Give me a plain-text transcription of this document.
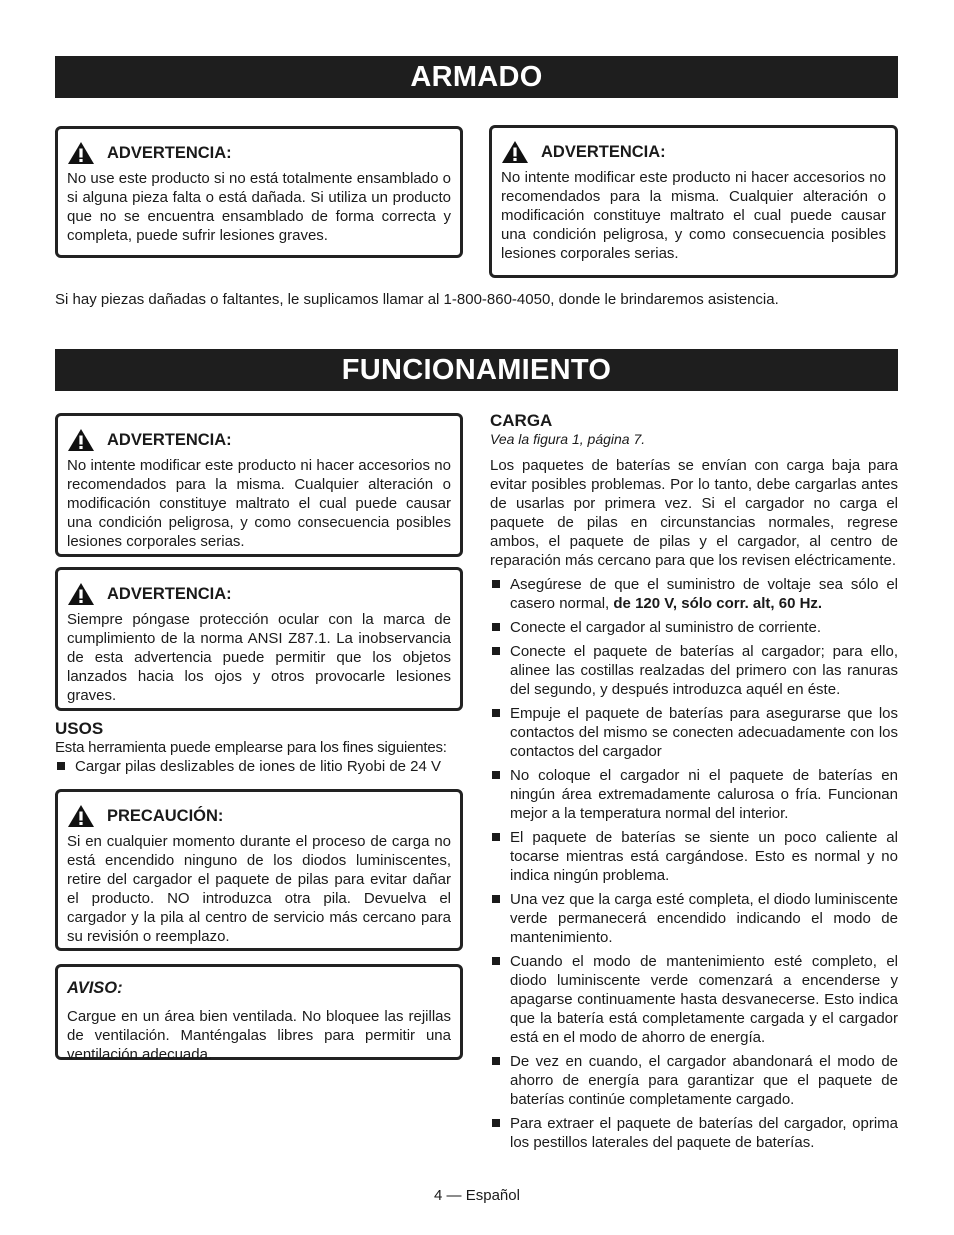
ARMADO
ADVERTENCIA:
No use este producto si no está totalmente ensamblado o si alguna pieza falta o está dañada. Si utiliza un producto que no se encuentra ensamblado de forma correcta y completa, puede sufrir lesiones graves.
ADVERTENCIA:
No intente modificar este producto ni hacer accesorios no recomendados para la misma. Cualquier alteración o modificación constituye maltrato el cual puede causar una condición peligrosa, y como consecuencia posibles lesiones corporales serias.
Si hay piezas dañadas o faltantes, le suplicamos llamar al 1-800-860-4050, donde le brindaremos asistencia.
FUNCIONAMIENTO
ADVERTENCIA:
No intente modificar este producto ni hacer accesorios no recomendados para la misma. Cualquier alteración o modificación constituye maltrato el cual puede causar una condición peligrosa, y como consecuencia posibles lesiones corporales serias.
ADVERTENCIA:
Siempre póngase protección ocular con la marca de cumplimiento de la norma ANSI Z87.1. La inobservancia de esta advertencia puede permitir que los objetos lanzados hacia los ojos y otros provocarle lesiones graves.
USOS
Esta herramienta puede emplearse para los fines siguientes:
Cargar pilas deslizables de iones de litio Ryobi de 24 V
PRECAUCIÓN:
Si en cualquier momento durante el proceso de carga no está encendido ninguno de los diodos luminiscentes, retire del cargador el paquete de pilas para evitar dañar el producto. NO introduzca otra pila. Devuelva el cargador y la pila al centro de servicio más cercano para su revisión o reemplazo.
AVISO:
Cargue en un área bien ventilada. No bloquee las rejillas de ventilación. Manténgalas libres para permitir una ventilación adecuada.
CARGA
Vea la figura 1, página 7.
Los paquetes de baterías se envían con carga baja para evitar posibles problemas. Por lo tanto, debe cargarlas antes de usarlas por primera vez. Si el cargador no carga el paquete de pilas en circunstancias normales, regrese ambos, el paquete de pilas y el cargador, al centro de reparación más cercano para que los revisen eléctricamente.
Asegúrese de que el suministro de voltaje sea sólo el casero normal, de 120 V, sólo corr. alt, 60 Hz.
Conecte el cargador al suministro de corriente.
Conecte el paquete de baterías al cargador; para ello, alinee las costillas realzadas del primero con las ranuras del segundo, y después introduzca aquél en éste.
Empuje el paquete de baterías para asegurarse que los contactos del mismo se conecten adecuadamente con los contactos del cargador
No coloque el cargador ni el paquete de baterías en ningún área extremadamente calurosa o fría. Funcionan mejor a la temperatura normal del interior.
El paquete de baterías se siente un poco caliente al tocarse mientras está cargándose. Esto es normal y no indica ningún problema.
Una vez que la carga esté completa, el diodo luminiscente verde permanecerá encendido indicando el modo de mantenimiento.
Cuando el modo de mantenimiento esté completo, el diodo luminiscente verde comenzará a encenderse y apagarse continuamente hasta desvanecerse. Esto indica que la batería está completamente cargada y el cargador está en el modo de ahorro de energía.
De vez en cuando, el cargador abandonará el modo de ahorro de energía para garantizar que el paquete de baterías continúe completamente cargado.
Para extraer el paquete de baterías del cargador, oprima los pestillos laterales del paquete de baterías.
4 — Español
